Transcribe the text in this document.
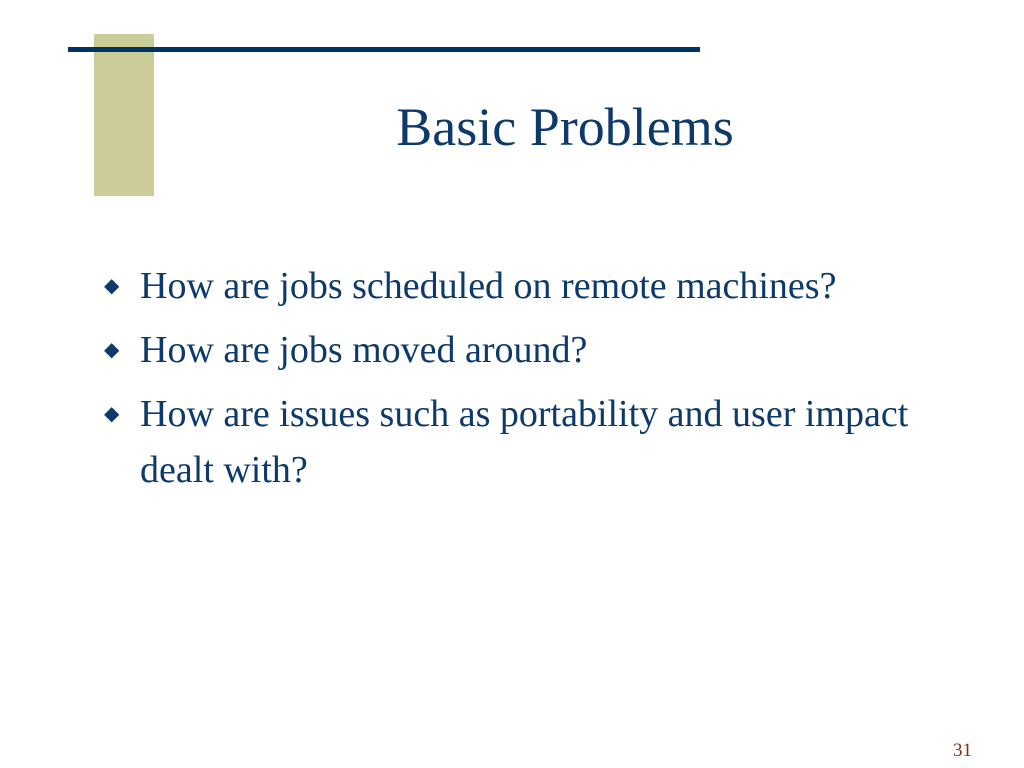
Basic Problems
◆ How are jobs scheduled on remote machines?
◆ How are jobs moved around?
◆ How are issues such as portability and user impact dealt with?
31
